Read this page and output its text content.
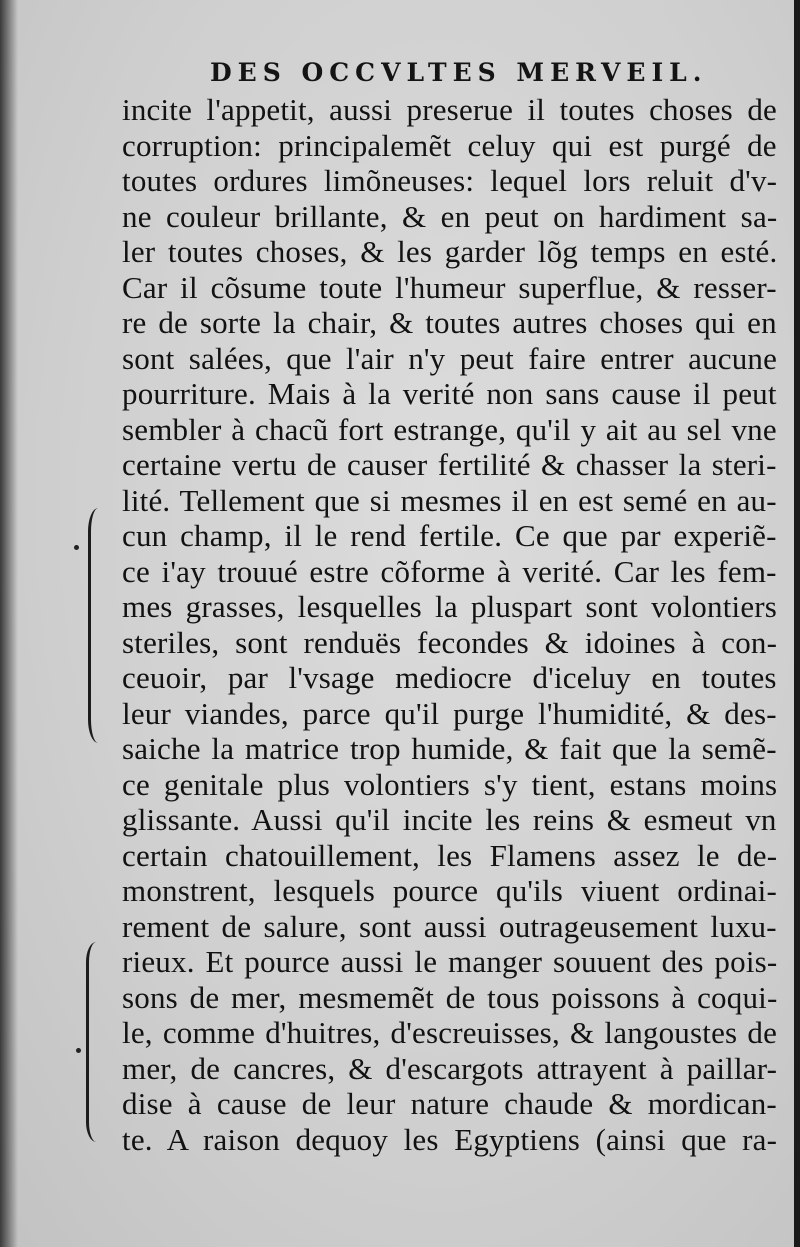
DES OCCVLTES MERVEIL.
incite l'appetit, aussi preserue il toutes choses de
corruption: principalemẽt celuy qui est purgé de
toutes ordures limõneuses: lequel lors reluit d'v-
ne couleur brillante, & en peut on hardiment sa-
ler toutes choses, & les garder lõg temps en esté.
Car il cõsume toute l'humeur superflue, & resser-
re de sorte la chair, & toutes autres choses qui en
sont salées, que l'air n'y peut faire entrer aucune
pourriture. Mais à la verité non sans cause il peut
sembler à chacũ fort estrange, qu'il y ait au sel vne
certaine vertu de causer fertilité & chasser la steri-
lité. Tellement que si mesmes il en est semé en au-
cun champ, il le rend fertile. Ce que par experiẽ-
ce i'ay trouué estre cõforme à verité. Car les fem-
mes grasses, lesquelles la pluspart sont volontiers
steriles, sont renduës fecondes & idoines à con-
ceuoir, par l'vsage mediocre d'iceluy en toutes
leur viandes, parce qu'il purge l'humidité, & des-
saiche la matrice trop humide, & fait que la semẽ-
ce genitale plus volontiers s'y tient, estans moins
glissante. Aussi qu'il incite les reins & esmeut vn
certain chatouillement, les Flamens assez le de-
monstrent, lesquels pource qu'ils viuent ordinai-
rement de salure, sont aussi outrageusement luxu-
rieux. Et pource aussi le manger souuent des pois-
sons de mer, mesmemẽt de tous poissons à coqui-
le, comme d'huitres, d'escreuisses, & langoustes de
mer, de cancres, & d'escargots attrayent à paillar-
dise à cause de leur nature chaude & mordican-
te. A raison dequoy les Egyptiens (ainsi que ra-
